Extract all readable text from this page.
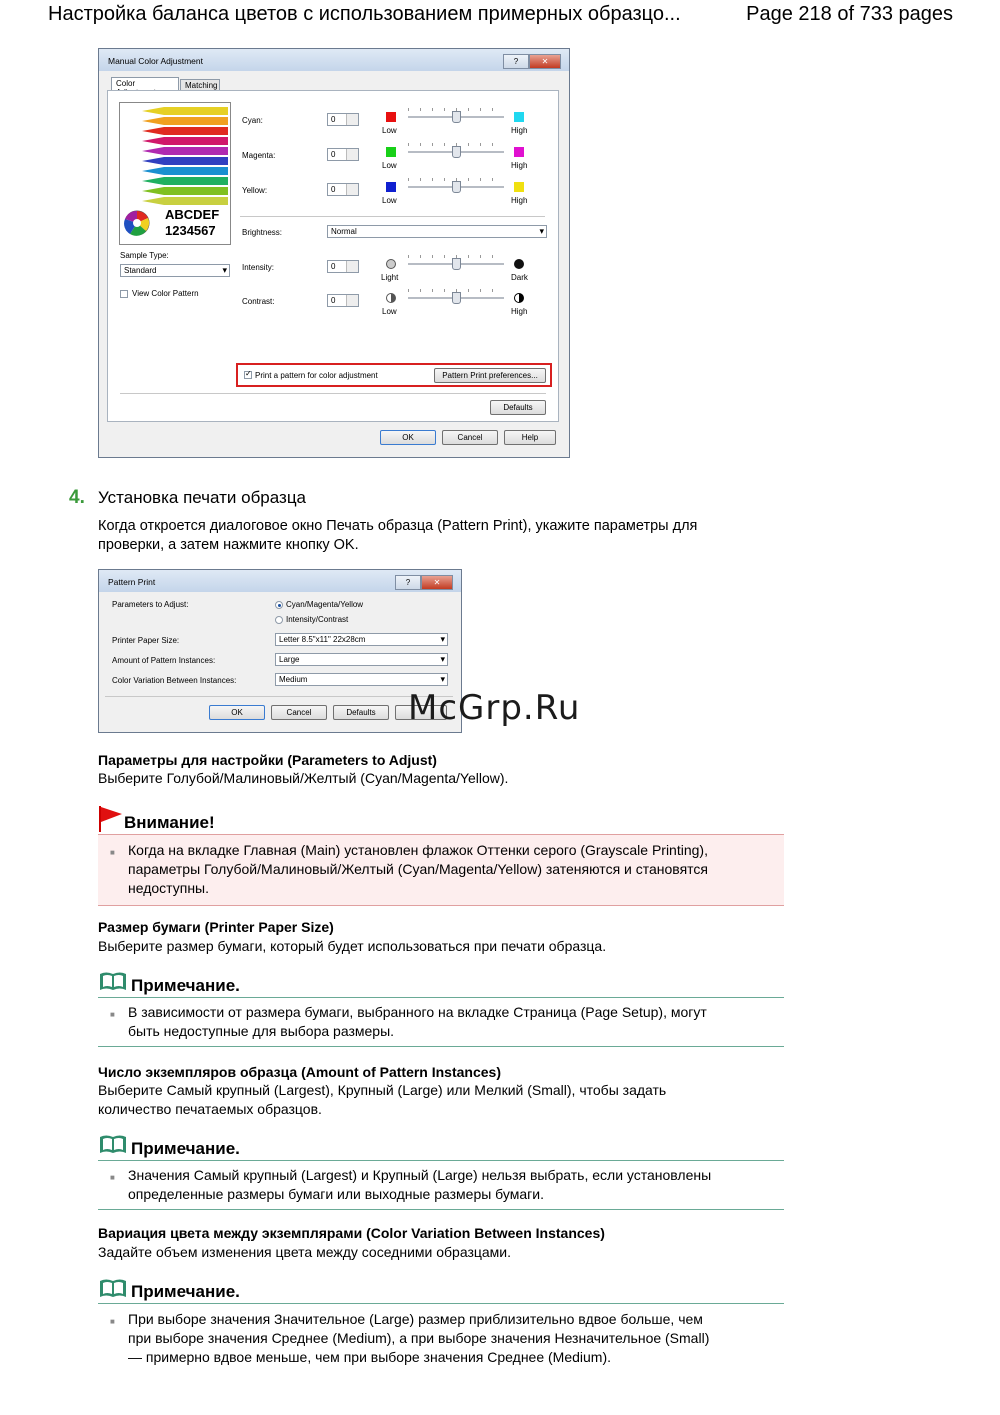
Настройка баланса цветов с использованием примерных образцо...	Page 218 of 733 pages
Manual Color Adjustment	?	✕
Color	Matching
ABCDEF
1234567
Sample Type:
Standard ▾
View Color Pattern
Cyan:	0
Low	High
Magenta:	0
Low	High
Yellow:	0
Low	High
Brightness:	Normal ▾
Intensity:	0
Light	Dark
Contrast:	0
Low	High
✓ Print a pattern for color adjustment	Pattern Print preferences...
Defaults
OK	Cancel	Help
4. Установка печати образца
Когда откроется диалоговое окно Печать образца (Pattern Print), укажите параметры для
проверки, а затем нажмите кнопку OK.
Pattern Print	?	✕
Parameters to Adjust:	Cyan/Magenta/Yellow
Intensity/Contrast
Printer Paper Size:	Letter 8.5"x11" 22x28cm ▾
Amount of Pattern Instances:	Large ▾
Color Variation Between Instances:	Medium ▾
OK	Cancel	Defaults McGrp.Ru
Параметры для настройки (Parameters to Adjust)
Выберите Голубой/Малиновый/Желтый (Cyan/Magenta/Yellow).
Внимание!
■
Когда на вкладке Главная (Main) установлен флажок Оттенки серого (Grayscale Printing),
параметры Голубой/Малиновый/Желтый (Cyan/Magenta/Yellow) затеняются и становятся
недоступны.
Размер бумаги (Printer Paper Size)
Выберите размер бумаги, который будет использоваться при печати образца.
Примечание.
■
В зависимости от размера бумаги, выбранного на вкладке Страница (Page Setup), могут
быть недоступные для выбора размеры.
Число экземпляров образца (Amount of Pattern Instances)
Выберите Самый крупный (Largest), Крупный (Large) или Мелкий (Small), чтобы задать
количество печатаемых образцов.
Примечание.
■
Значения Самый крупный (Largest) и Крупный (Large) нельзя выбрать, если установлены
определенные размеры бумаги или выходные размеры бумаги.
Вариация цвета между экземплярами (Color Variation Between Instances)
Задайте объем изменения цвета между соседними образцами.
Примечание.
■
При выборе значения Значительное (Large) размер приблизительно вдвое больше, чем
при выборе значения Среднее (Medium), а при выборе значения Незначительное (Small)
— примерно вдвое меньше, чем при выборе значения Среднее (Medium).
